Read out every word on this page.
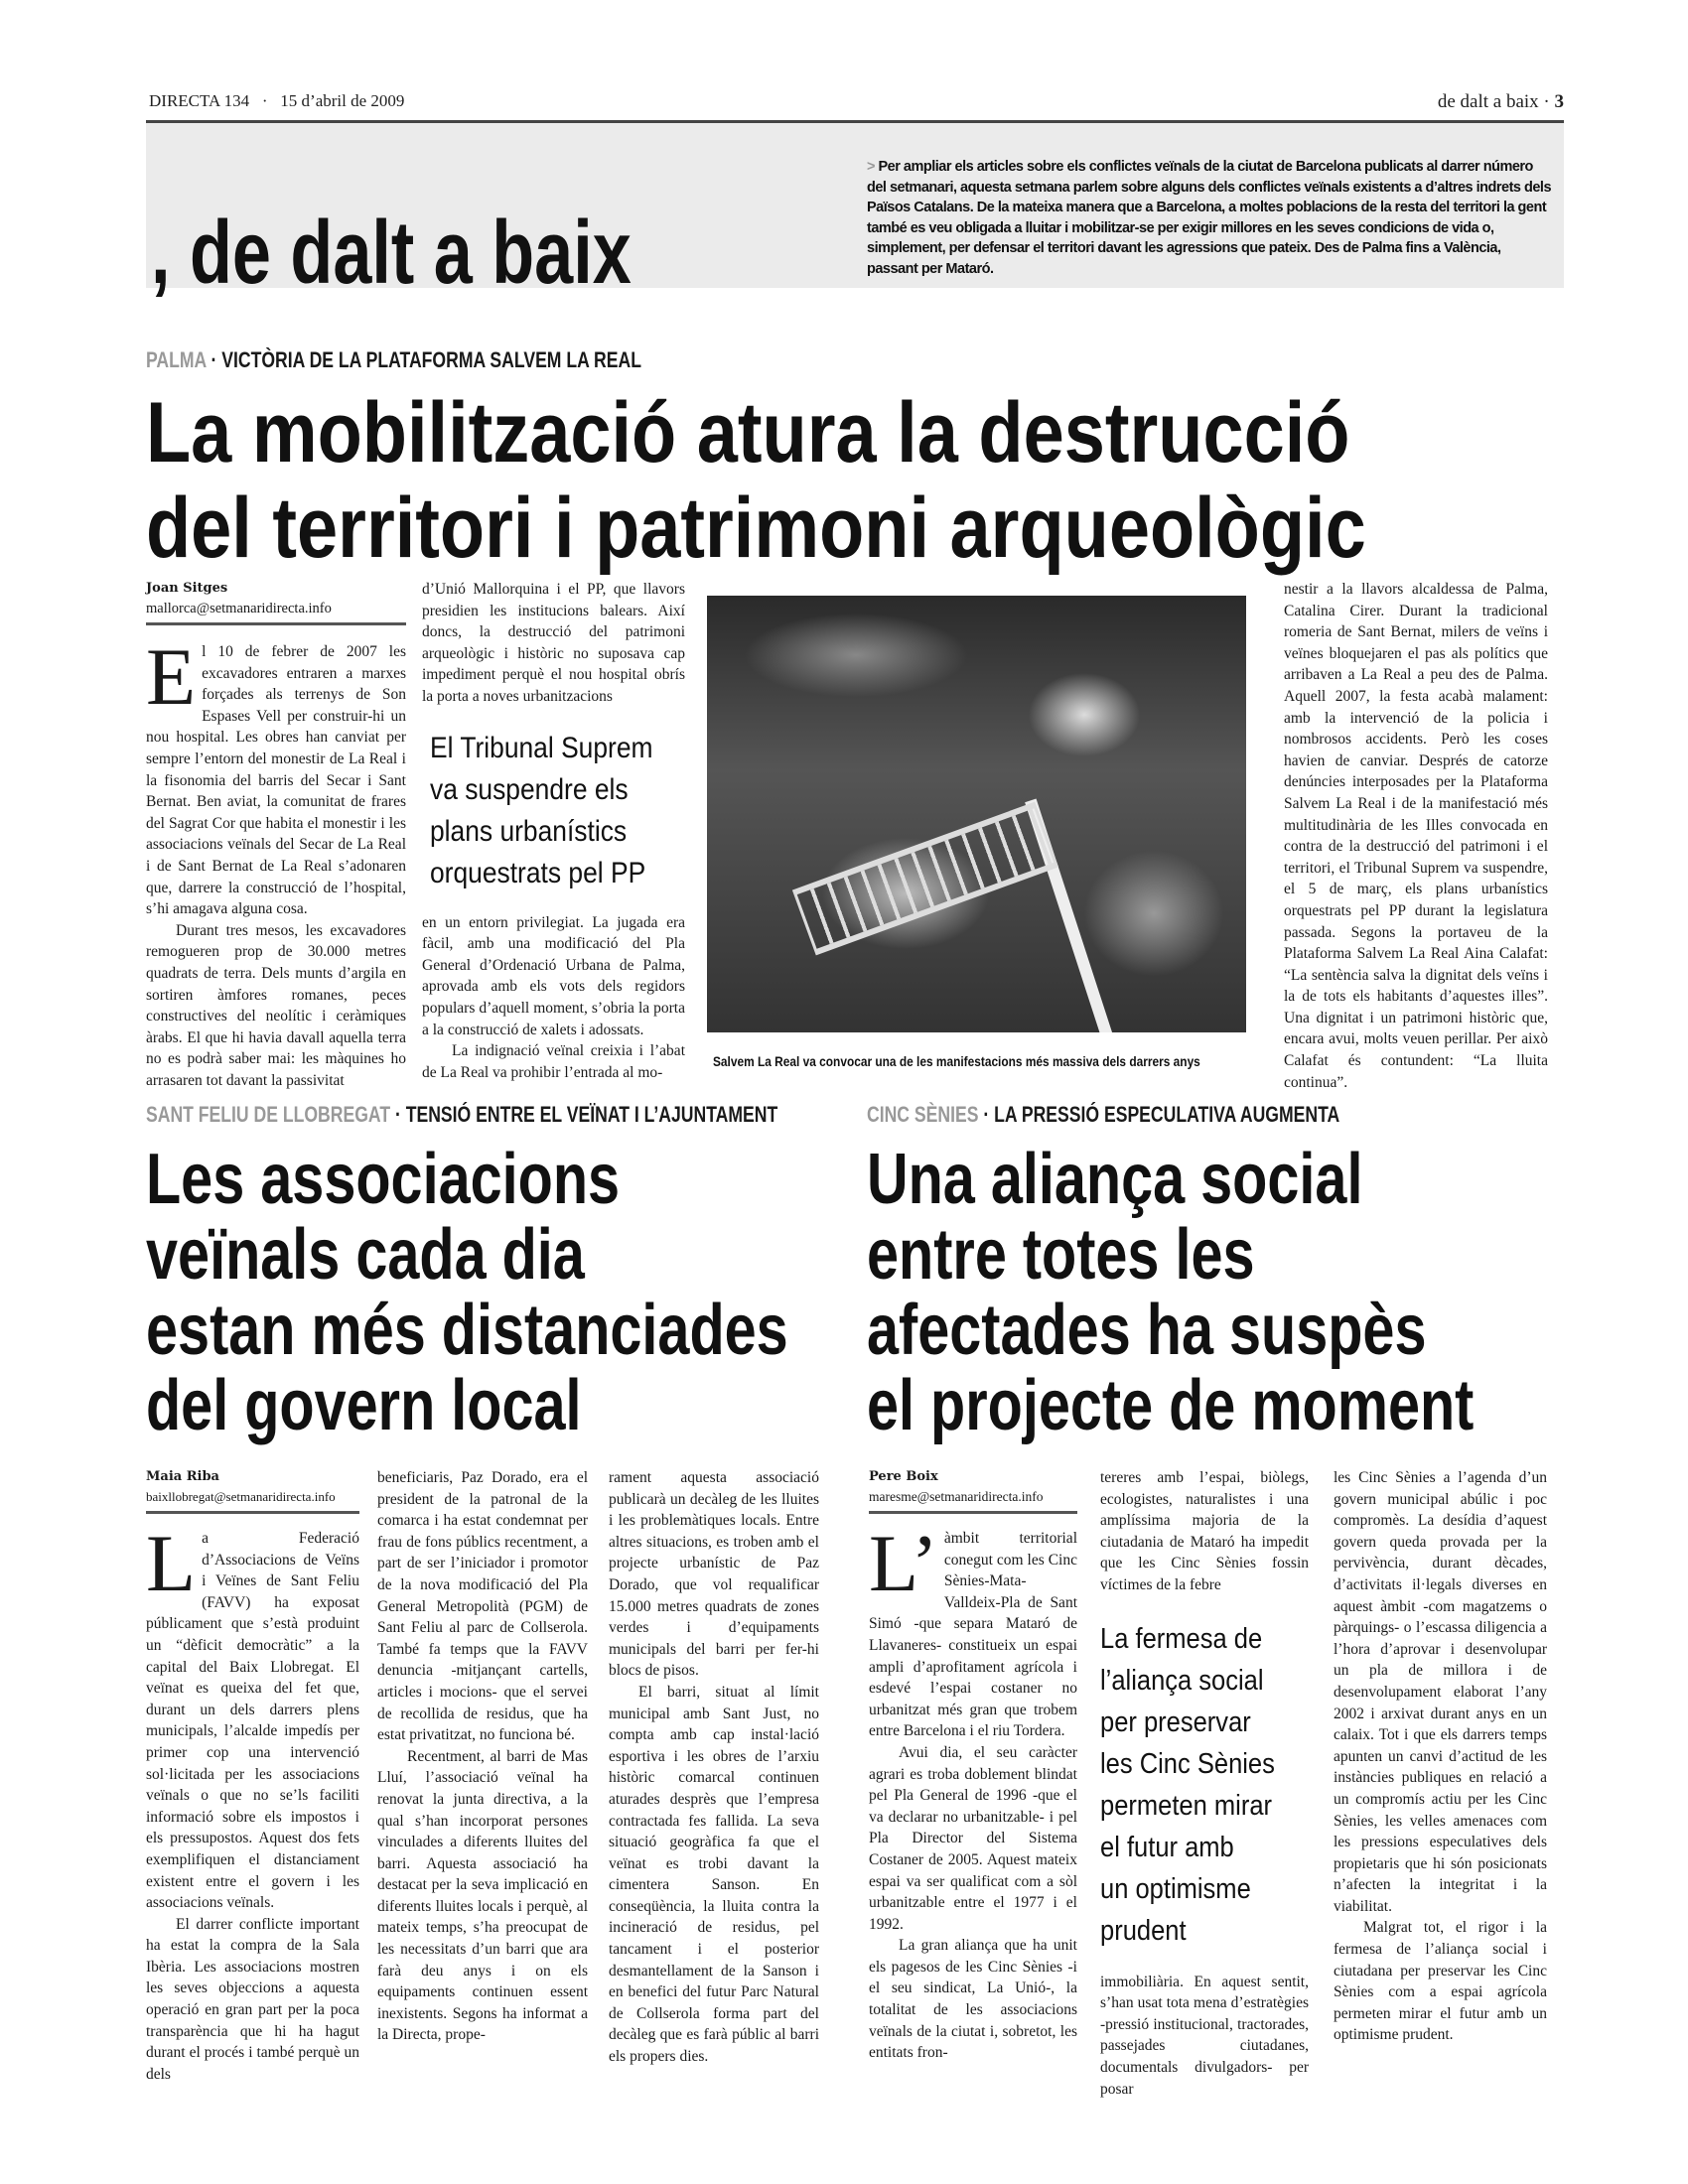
DIRECTA 134 · 15 d’abril de 2009	de dalt a baix · 3
, de dalt a baix
> Per ampliar els articles sobre els conflictes veïnals de la ciutat de Barcelona publicats al darrer número del setmanari, aquesta setmana parlem sobre alguns dels conflictes veïnals existents a d’altres indrets dels Països Catalans. De la mateixa manera que a Barcelona, a moltes poblacions de la resta del territori la gent també es veu obligada a lluitar i mobilitzar-se per exigir millores en les seves condicions de vida o, simplement, per defensar el territori davant les agressions que pateix. Des de Palma fins a València, passant per Mataró.
PALMA · VICTÒRIA DE LA PLATAFORMA SALVEM LA REAL
La mobilització atura la destrucció
del territori i patrimoni arqueològic
Joan Sitges
mallorca@setmanaridirecta.info

El 10 de febrer de 2007 les excavadores entraren a marxes forçades als terrenys de Son Espases Vell per construir-hi un nou hospital. Les obres han canviat per sempre l’entorn del monestir de La Real i la fisonomia del barris del Secar i Sant Bernat. Ben aviat, la comunitat de frares del Sagrat Cor que habita el monestir i les associacions veïnals del Secar de La Real i de Sant Bernat de La Real s’adonaren que, darrere la construcció de l’hospital, s’hi amagava alguna cosa.

Durant tres mesos, les excavadores remogueren prop de 30.000 metres quadrats de terra. Dels munts d’argila en sortiren àmfores romanes, peces constructives del neolític i ceràmiques àrabs. El que hi havia davall aquella terra no es podrà saber mai: les màquines ho arrasaren tot davant la passivitat

d’Unió Mallorquina i el PP, que llavors presidien les institucions balears. Així doncs, la destrucció del patrimoni arqueològic i històric no suposava cap impediment perquè el nou hospital obrís la porta a noves urbanitzacions

El Tribunal Suprem
va suspendre els
plans urbanístics
orquestrats pel PP

en un entorn privilegiat. La jugada era fàcil, amb una modificació del Pla General d’Ordenació Urbana de Palma, aprovada amb els vots dels regidors populars d’aquell moment, s’obria la porta a la construcció de xalets i adossats.

La indignació veïnal creixia i l’abat de La Real va prohibir l’entrada al mo-

Salvem La Real va convocar una de les manifestacions més massiva dels darrers anys

nestir a la llavors alcaldessa de Palma, Catalina Cirer. Durant la tradicional romeria de Sant Bernat, milers de veïns i veïnes bloquejaren el pas als polítics que arribaven a La Real a peu des de Palma. Aquell 2007, la festa acabà malament: amb la intervenció de la policia i nombrosos accidents. Però les coses havien de canviar. Després de catorze denúncies interposades per la Plataforma Salvem La Real i de la manifestació més multitudinària de les Illes convocada en contra de la destrucció del patrimoni i el territori, el Tribunal Suprem va suspendre, el 5 de març, els plans urbanístics orquestrats pel PP durant la legislatura passada. Segons la portaveu de la Plataforma Salvem La Real Aina Calafat: “La sentència salva la dignitat dels veïns i la de tots els habitants d’aquestes illes”. Una dignitat i un patrimoni històric que, encara avui, molts veuen perillar. Per això Calafat és contundent: “La lluita continua”.

SANT FELIU DE LLOBREGAT · TENSIÓ ENTRE EL VEÏNAT I L’AJUNTAMENT
Les associacions
veïnals cada dia
estan més distanciades
del govern local
Maia Riba
baixllobregat@setmanaridirecta.info

La Federació d’Associacions de Veïns i Veïnes de Sant Feliu (FAVV) ha exposat públicament que s’està produint un “dèficit democràtic” a la capital del Baix Llobregat. El veïnat es queixa del fet que, durant un dels darrers plens municipals, l’alcalde impedís per primer cop una intervenció sol·licitada per les associacions veïnals o que no se’ls faciliti informació sobre els impostos i els pressupostos. Aquest dos fets exemplifiquen el distanciament existent entre el govern i les associacions veïnals.

El darrer conflicte important ha estat la compra de la Sala Ibèria. Les associacions mostren les seves objeccions a aquesta operació en gran part per la poca transparència que hi ha hagut durant el procés i també perquè un dels

beneficiaris, Paz Dorado, era el president de la patronal de la comarca i ha estat condemnat per frau de fons públics recentment, a part de ser l’iniciador i promotor de la nova modificació del Pla General Metropolità (PGM) de Sant Feliu al parc de Collserola. També fa temps que la FAVV denuncia -mitjançant cartells, articles i mocions- que el servei de recollida de residus, que ha estat privatitzat, no funciona bé.

Recentment, al barri de Mas Lluí, l’associació veïnal ha renovat la junta directiva, a la qual s’han incorporat persones vinculades a diferents lluites del barri. Aquesta associació ha destacat per la seva implicació en diferents lluites locals i perquè, al mateix temps, s’ha preocupat de les necessitats d’un barri que ara farà deu anys i on els equipaments continuen essent inexistents. Segons ha informat a la Directa, prope-

rament aquesta associació publicarà un decàleg de les lluites i les problemàtiques locals. Entre altres situacions, es troben amb el projecte urbanístic de Paz Dorado, que vol requalificar 15.000 metres quadrats de zones verdes i d’equipaments municipals del barri per fer-hi blocs de pisos.

El barri, situat al límit municipal amb Sant Just, no compta amb cap instal·lació esportiva i les obres de l’arxiu històric comarcal continuen aturades desprès que l’empresa contractada fes fallida. La seva situació geogràfica fa que el veïnat es trobi davant la cimentera Sanson. En conseqüència, la lluita contra la incineració de residus, pel tancament i el posterior desmantellament de la Sanson i en benefici del futur Parc Natural de Collserola forma part del decàleg que es farà públic al barri els propers dies.

CINC SÈNIES · LA PRESSIÓ ESPECULATIVA AUGMENTA
Una aliança social
entre totes les
afectades ha suspès
el projecte de moment
Pere Boix
maresme@setmanaridirecta.info

L’ àmbit territorial conegut com les Cinc Sènies-Mata-Valldeix-Pla de Sant Simó -que separa Mataró de Llavaneres- constitueix un espai ampli d’aprofitament agrícola i esdevé l’espai costaner no urbanitzat més gran que trobem entre Barcelona i el riu Tordera.

Avui dia, el seu caràcter agrari es troba doblement blindat pel Pla General de 1996 -que el va declarar no urbanitzable- i pel Pla Director del Sistema Costaner de 2005. Aquest mateix espai va ser qualificat com a sòl urbanitzable entre el 1977 i el 1992.

La gran aliança que ha unit els pagesos de les Cinc Sènies -i el seu sindicat, La Unió-, la totalitat de les associacions veïnals de la ciutat i, sobretot, les entitats fron-

tereres amb l’espai, biòlegs, ecologistes, naturalistes i una amplíssima majoria de la ciutadania de Mataró ha impedit que les Cinc Sènies fossin víctimes de la febre

La fermesa de
l’aliança social
per preservar
les Cinc Sènies
permeten mirar
el futur amb
un optimisme
prudent

immobiliària. En aquest sentit, s’han usat tota mena d’estratègies -pressió institucional, tractorades, passejades ciutadanes, documentals divulgadors- per posar

les Cinc Sènies a l’agenda d’un govern municipal abúlic i poc compromès. La desídia d’aquest govern queda provada per la pervivència, durant dècades, d’activitats il·legals diverses en aquest àmbit -com magatzems o pàrquings- o l’escassa diligencia a l’hora d’aprovar i desenvolupar un pla de millora i de desenvolupament elaborat l’any 2002 i arxivat durant anys en un calaix. Tot i que els darrers temps apunten un canvi d’actitud de les instàncies publiques en relació a un compromís actiu per les Cinc Sènies, les velles amenaces com les pressions especulatives dels propietaris que hi són posicionats n’afecten la integritat i la viabilitat.

Malgrat tot, el rigor i la fermesa de l’aliança social i ciutadana per preservar les Cinc Sènies com a espai agrícola permeten mirar el futur amb un optimisme prudent.
